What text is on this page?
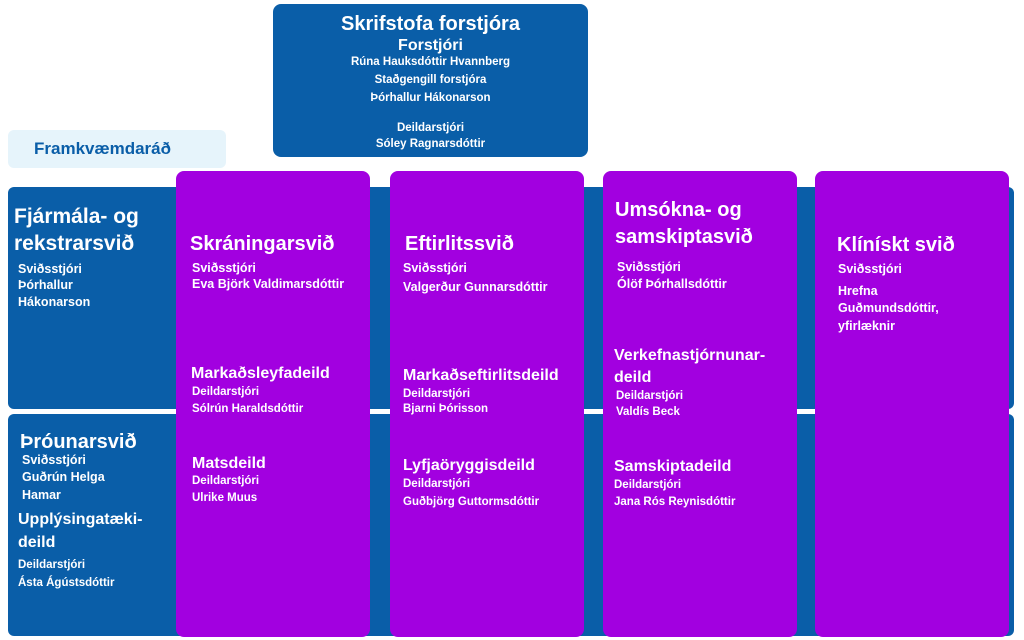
Skrifstofa forstjóra
Forstjóri
Rúna Hauksdóttir Hvannberg
Staðgengill forstjóra
Þórhallur Hákonarson
Deildarstjóri
Sóley Ragnarsdóttir
Framkvæmdaráð
Fjármála- og
rekstrarsvið
Sviðsstjóri
Þórhallur
Hákonarson
Þróunarsvið
Sviðsstjóri
Guðrún Helga
Hamar
Upplýsingatæki-
deild
Deildarstjóri
Ásta Ágústsdóttir
Skráningarsvið
Sviðsstjóri
Eva Björk Valdimarsdóttir
Markaðsleyfadeild
Deildarstjóri
Sólrún Haraldsdóttir
Matsdeild
Deildarstjóri
Ulrike Muus
Eftirlitssvið
Sviðsstjóri
Valgerður Gunnarsdóttir
Markaðseftirlitsdeild
Deildarstjóri
Bjarni Þórisson
Lyfjaöryggisdeild
Deildarstjóri
Guðbjörg Guttormsdóttir
Umsókna- og
samskiptasvið
Sviðsstjóri
Ólöf Þórhallsdóttir
Verkefnastjórnunar-
deild
Deildarstjóri
Valdís Beck
Samskiptadeild
Deildarstjóri
Jana Rós Reynisdóttir
Klínískt svið
Sviðsstjóri
Hrefna
Guðmundsdóttir,
yfirlæknir
